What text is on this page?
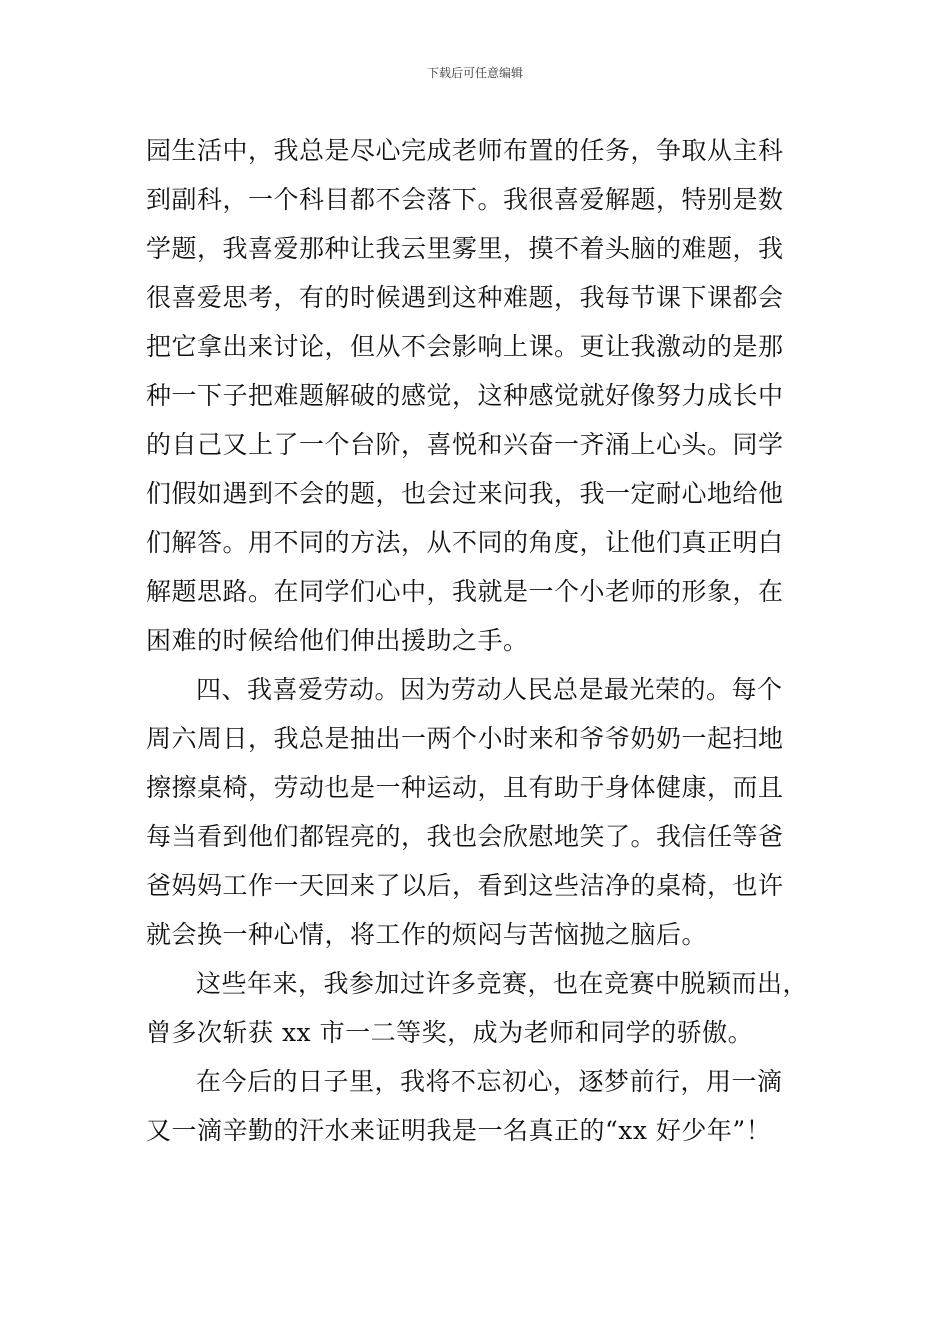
下载后可任意编辑
园生活中，我总是尽心完成老师布置的任务，争取从主科
到副科，一个科目都不会落下。我很喜爱解题，特别是数
学题，我喜爱那种让我云里雾里，摸不着头脑的难题，我
很喜爱思考，有的时候遇到这种难题，我每节课下课都会
把它拿出来讨论，但从不会影响上课。更让我激动的是那
种一下子把难题解破的感觉，这种感觉就好像努力成长中
的自己又上了一个台阶，喜悦和兴奋一齐涌上心头。同学
们假如遇到不会的题，也会过来问我，我一定耐心地给他
们解答。用不同的方法，从不同的角度，让他们真正明白
解题思路。在同学们心中，我就是一个小老师的形象，在
困难的时候给他们伸出援助之手。
四、我喜爱劳动。因为劳动人民总是最光荣的。每个
周六周日，我总是抽出一两个小时来和爷爷奶奶一起扫地
擦擦桌椅，劳动也是一种运动，且有助于身体健康，而且
每当看到他们都锃亮的，我也会欣慰地笑了。我信任等爸
爸妈妈工作一天回来了以后，看到这些洁净的桌椅，也许
就会换一种心情，将工作的烦闷与苦恼抛之脑后。
这些年来，我参加过许多竞赛，也在竞赛中脱颖而出，
曾多次斩获 xx 市一二等奖，成为老师和同学的骄傲。
在今后的日子里，我将不忘初心，逐梦前行，用一滴
又一滴辛勤的汗水来证明我是一名真正的“xx 好少年”！
